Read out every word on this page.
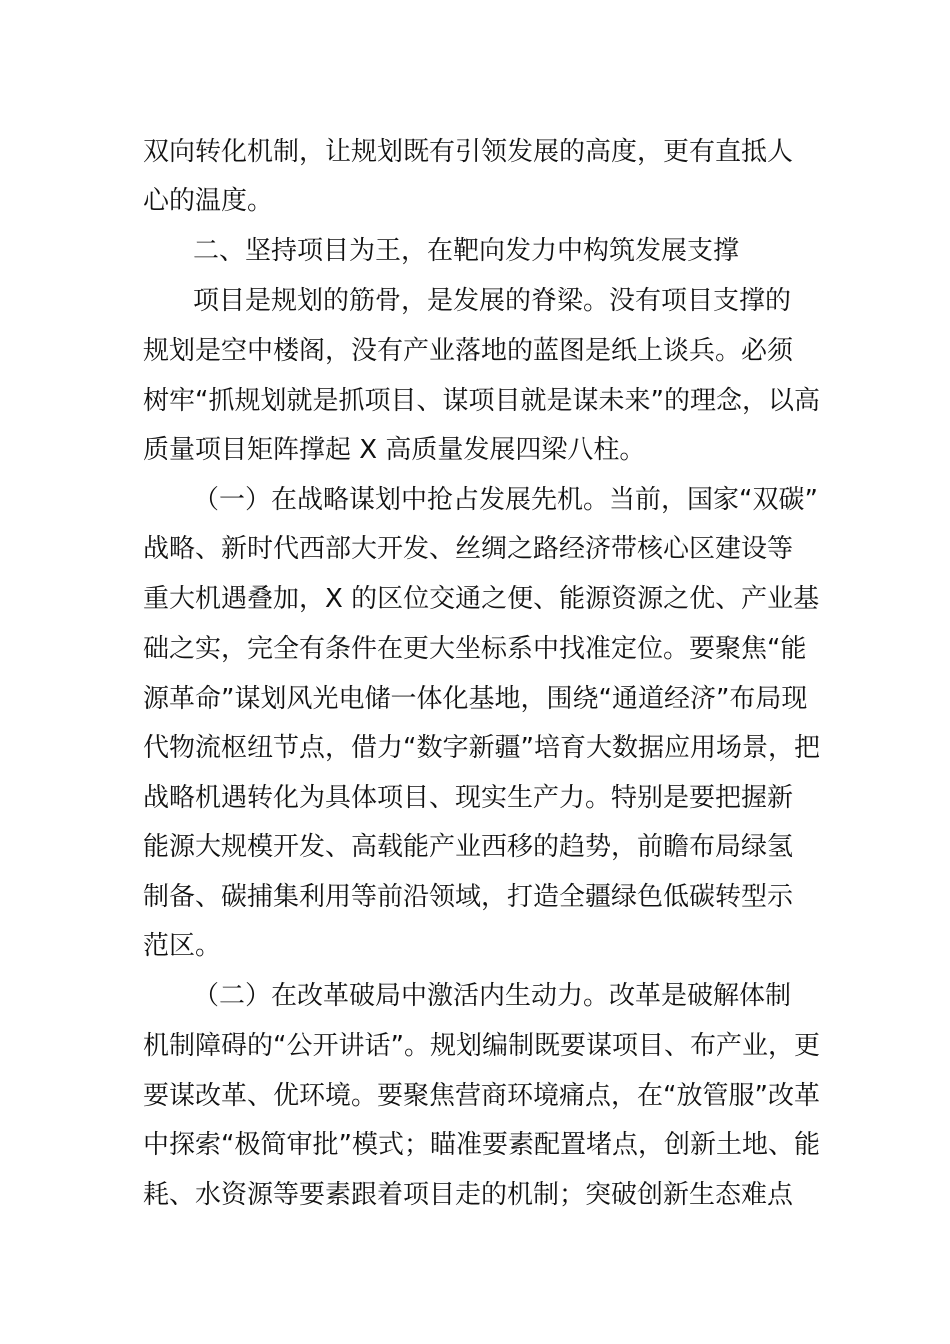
双向转化机制，让规划既有引领发展的高度，更有直抵人
心的温度。
二、坚持项目为王，在靶向发力中构筑发展支撑
项目是规划的筋骨，是发展的脊梁。没有项目支撑的
规划是空中楼阁，没有产业落地的蓝图是纸上谈兵。必须
树牢“抓规划就是抓项目、谋项目就是谋未来”的理念，以高
质量项目矩阵撑起 X 高质量发展四梁八柱。
（一）在战略谋划中抢占发展先机。当前，国家“双碳”
战略、新时代西部大开发、丝绸之路经济带核心区建设等
重大机遇叠加，X 的区位交通之便、能源资源之优、产业基
础之实，完全有条件在更大坐标系中找准定位。要聚焦“能
源革命”谋划风光电储一体化基地，围绕“通道经济”布局现
代物流枢纽节点，借力“数字新疆”培育大数据应用场景，把
战略机遇转化为具体项目、现实生产力。特别是要把握新
能源大规模开发、高载能产业西移的趋势，前瞻布局绿氢
制备、碳捕集利用等前沿领域，打造全疆绿色低碳转型示
范区。
（二）在改革破局中激活内生动力。改革是破解体制
机制障碍的“公开讲话”。规划编制既要谋项目、布产业，更
要谋改革、优环境。要聚焦营商环境痛点，在“放管服”改革
中探索“极简审批”模式；瞄准要素配置堵点，创新土地、能
耗、水资源等要素跟着项目走的机制；突破创新生态难点
